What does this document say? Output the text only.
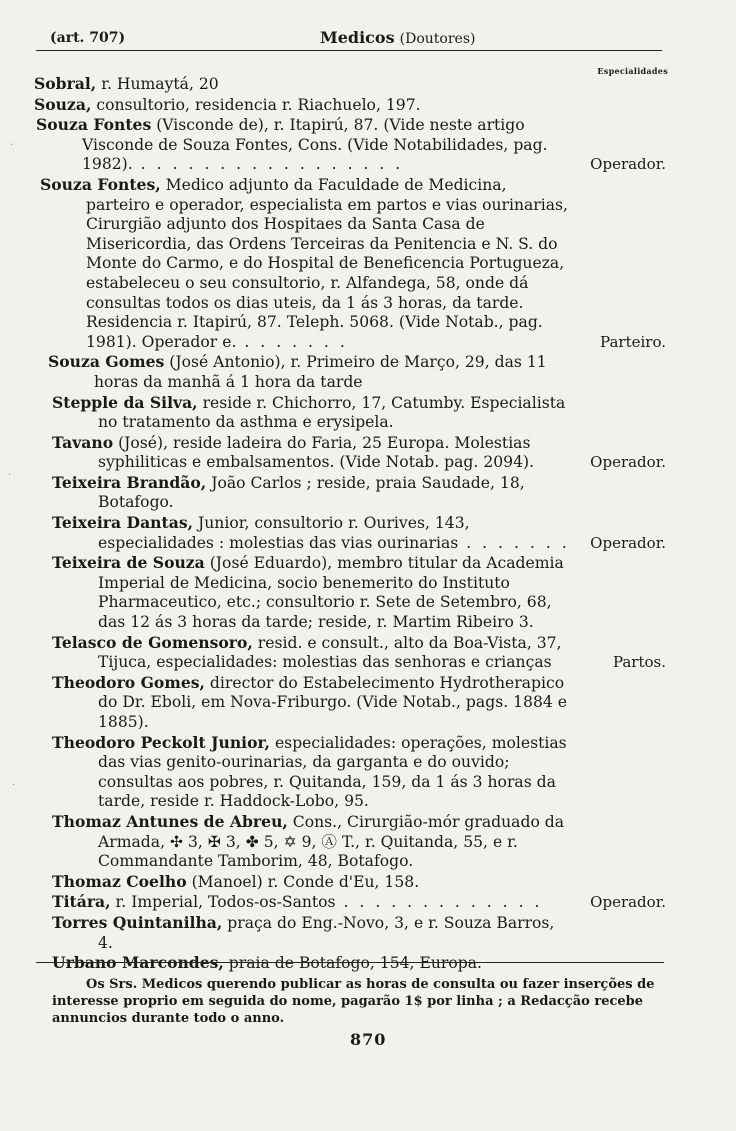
(art. 707)	Medicos (Doutores)
Especialidades
Sobral, r. Humaytá, 20
Souza, consultorio, residencia r. Riachuelo, 197.
Souza Fontes (Visconde de), r. Itapirú, 87. (Vide neste artigo Visconde de Souza Fontes, Cons. (Vide Notabilidades, pag. 1982). . . . . . . . . . . . . . . . . .	Operador.
Souza Fontes, Medico adjunto da Faculdade de Medicina, parteiro e operador, especialista em partos e vias ourinarias, Cirurgião adjunto dos Hospitaes da Santa Casa de Misericordia, das Ordens Terceiras da Penitencia e N. S. do Monte do Carmo, e do Hospital de Beneficencia Portugueza, estabeleceu o seu consultorio, r. Alfandega, 58, onde dá consultas todos os dias uteis, da 1 ás 3 horas, da tarde. Residencia r. Itapirú, 87. Teleph. 5068. (Vide Notab., pag. 1981). Operador e. . . . . . . .	Parteiro.
Souza Gomes (José Antonio), r. Primeiro de Março, 29, das 11 horas da manhã á 1 hora da tarde
Stepple da Silva, reside r. Chichorro, 17, Catumby. Especialista no tratamento da asthma e erysipela.
Tavano (José), reside ladeira do Faria, 25 Europa. Molestias syphiliticas e embalsamentos. (Vide Notab. pag. 2094).	Operador.
Teixeira Brandão, João Carlos ; reside, praia Saudade, 18, Botafogo.
Teixeira Dantas, Junior, consultorio r. Ourives, 143, especialidades : molestias das vias ourinarias . . . . . . . Operador.
Teixeira de Souza (José Eduardo), membro titular da Academia Imperial de Medicina, socio benemerito do Instituto Pharmaceutico, etc.; consultorio r. Sete de Setembro, 68, das 12 ás 3 horas da tarde; reside, r. Martim Ribeiro 3.
Telasco de Gomensoro, resid. e consult., alto da Boa-Vista, 37, Tijuca, especialidades: molestias das senhoras e crianças	Partos.
Theodoro Gomes, director do Estabelecimento Hydrotherapico do Dr. Eboli, em Nova-Friburgo. (Vide Notab., pags. 1884 e 1885).
Theodoro Peckolt Junior, especialidades: operações, molestias das vias genito-ourinarias, da garganta e do ouvido; consultas aos pobres, r. Quitanda, 159, da 1 ás 3 horas da tarde, reside r. Haddock-Lobo, 95.
Thomaz Antunes de Abreu, Cons., Cirurgião-mór graduado da Armada, ✣ 3, ✠ 3, ✤ 5, ✡ 9, Ⓐ T., r. Quitanda, 55, e r. Commandante Tamborim, 48, Botafogo.
Thomaz Coelho (Manoel) r. Conde d'Eu, 158.
Titára, r. Imperial, Todos-os-Santos . . . . . . . . . . . . .	Operador.
Torres Quintanilha, praça do Eng.-Novo, 3, e r. Souza Barros, 4.
Urbano Marcondes, praia de Botafogo, 154, Europa.
Os Srs. Medicos querendo publicar as horas de consulta ou fazer inserções de interesse proprio em seguida do nome, pagarão 1$ por linha ; a Redacção recebe annuncios durante todo o anno.
870
·
·
·
